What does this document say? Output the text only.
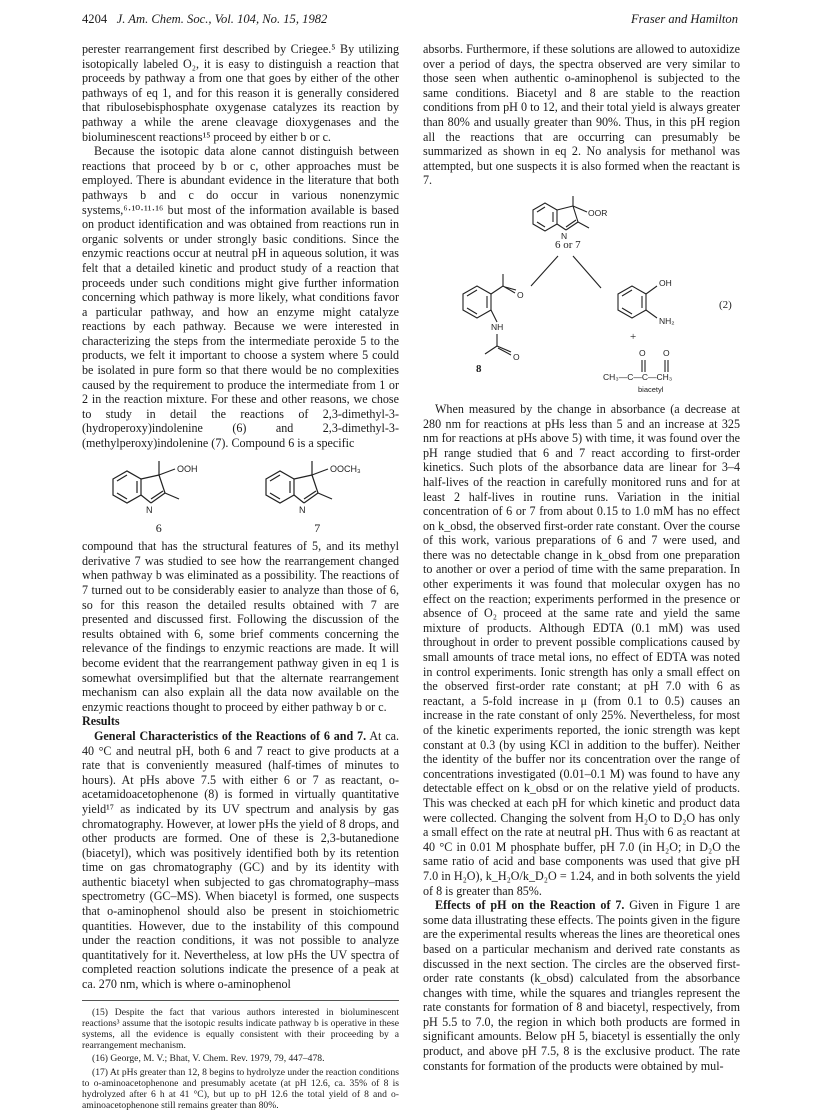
4204 J. Am. Chem. Soc., Vol. 104, No. 15, 1982	Fraser and Hamilton

perester rearrangement first described by Criegee.⁵ By utilizing isotopically labeled O₂, it is easy to distinguish a reaction that proceeds by pathway a from one that goes by either of the other pathways of eq 1, and for this reason it is generally considered that ribulosebisphosphate oxygenase catalyzes its reaction by pathway a while the arene cleavage dioxygenases and the bioluminescent reactions¹⁵ proceed by either b or c.

Because the isotopic data alone cannot distinguish between reactions that proceed by b or c, other approaches must be employed. There is abundant evidence in the literature that both pathways b and c do occur in various nonenzymic systems,⁶·¹⁰·¹¹·¹⁶ but most of the information available is based on product identification and was obtained from reactions run in organic solvents or under strongly basic conditions. Since the enzymic reactions occur at neutral pH in aqueous solution, it was felt that a detailed kinetic and product study of a reaction that proceeds under such conditions might give further information concerning which pathway is more likely, what conditions favor a particular pathway, and how an enzyme might catalyze reactions by each pathway. Because we were interested in characterizing the steps from the intermediate peroxide 5 to the products, we felt it important to choose a system where 5 could be isolated in pure form so that there would be no complexities caused by the requirement to produce the intermediate from 1 or 2 in the reaction mixture. For these and other reasons, we chose to study in detail the reactions of 2,3-dimethyl-3-(hydroperoxy)indolenine (6) and 2,3-dimethyl-3-(methylperoxy)indolenine (7). Compound 6 is a specific

N
OOH
6
N
OOCH₃
7

compound that has the structural features of 5, and its methyl derivative 7 was studied to see how the rearrangement changed when pathway b was eliminated as a possibility. The reactions of 7 turned out to be considerably easier to analyze than those of 6, so for this reason the detailed results obtained with 7 are presented and discussed first. Following the discussion of the results obtained with 6, some brief comments concerning the relevance of the findings to enzymic reactions are made. It will become evident that the rearrangement pathway given in eq 1 is somewhat oversimplified but that the alternate rearrangement mechanism can also explain all the data now available on the enzymic reactions thought to proceed by either pathway b or c.

Results

General Characteristics of the Reactions of 6 and 7. At ca. 40 °C and neutral pH, both 6 and 7 react to give products at a rate that is conveniently measured (half-times of minutes to hours). At pHs above 7.5 with either 6 or 7 as reactant, o-acetamidoacetophenone (8) is formed in virtually quantitative yield¹⁷ as indicated by its UV spectrum and analysis by gas chromatography. However, at lower pHs the yield of 8 drops, and other products are formed. One of these is 2,3-butanedione (biacetyl), which was positively identified both by its retention time on gas chromatography (GC) and by its identity with authentic biacetyl when subjected to gas chromatography–mass spectrometry (GC–MS). When biacetyl is formed, one suspects that o-aminophenol should also be present in stoichiometric quantities. However, due to the instability of this compound under the reaction conditions, it was not possible to analyze quantitatively for it. Nevertheless, at low pHs the UV spectra of completed reaction solutions indicate the presence of a peak at ca. 270 nm, which is where o-aminophenol

(15) Despite the fact that various authors interested in bioluminescent reactions³ assume that the isotopic results indicate pathway b is operative in these systems, all the evidence is equally consistent with their proceeding by a rearrangement mechanism.

(16) George, M. V.; Bhat, V. Chem. Rev. 1979, 79, 447–478.

(17) At pHs greater than 12, 8 begins to hydrolyze under the reaction conditions to o-aminoacetophenone and presumably acetate (at pH 12.6, ca. 35% of 8 is hydrolyzed after 6 h at 41 °C), but up to pH 12.6 the total yield of 8 and o-aminoacetophenone still remains greater than 80%.

absorbs. Furthermore, if these solutions are allowed to autoxidize over a period of days, the spectra observed are very similar to those seen when authentic o-aminophenol is subjected to the same conditions. Biacetyl and 8 are stable to the reaction conditions from pH 0 to 12, and their total yield is always greater than 80% and usually greater than 90%. Thus, in this pH region all the reactions that are occurring can presumably be summarized as shown in eq 2. No analysis for methanol was attempted, but one suspects it is also formed when the reactant is 7.

OOR
N
O
NH
O
OH
NH₂
O O
CH₃—C—C—CH₃
biacetyl
6 or 7
8
+
(2)

When measured by the change in absorbance (a decrease at 280 nm for reactions at pHs less than 5 and an increase at 325 nm for reactions at pHs above 5) with time, it was found over the pH range studied that 6 and 7 react according to first-order kinetics. Such plots of the absorbance data are linear for 3–4 half-lives of the reaction in carefully monitored runs and for at least 2 half-lives in routine runs. Variation in the initial concentration of 6 or 7 from about 0.15 to 1.0 mM has no effect on k_obsd, the observed first-order rate constant. Over the course of this work, various preparations of 6 and 7 were used, and there was no detectable change in k_obsd from one preparation to another or over a period of time with the same preparation. In other experiments it was found that molecular oxygen has no effect on the reaction; experiments performed in the presence or absence of O₂ proceed at the same rate and yield the same mixture of products. Although EDTA (0.1 mM) was used throughout in order to prevent possible complications caused by small amounts of trace metal ions, no effect of EDTA was noted in control experiments. Ionic strength has only a small effect on the observed first-order rate constant; at pH 7.0 with 6 as reactant, a 5-fold increase in μ (from 0.1 to 0.5) causes an increase in the rate constant of only 25%. Nevertheless, for most of the kinetic experiments reported, the ionic strength was kept constant at 0.3 (by using KCl in addition to the buffer). Neither the identity of the buffer nor its concentration over the range of concentrations investigated (0.01–0.1 M) was found to have any detectable effect on k_obsd or on the relative yield of products. This was checked at each pH for which kinetic and product data were collected. Changing the solvent from H₂O to D₂O has only a small effect on the rate at neutral pH. Thus with 6 as reactant at 40 °C in 0.01 M phosphate buffer, pH 7.0 (in H₂O; in D₂O the same ratio of acid and base components was used that give pH 7.0 in H₂O), k_H₂O/k_D₂O = 1.24, and in both solvents the yield of 8 is greater than 85%.

Effects of pH on the Reaction of 7. Given in Figure 1 are some data illustrating these effects. The points given in the figure are the experimental results whereas the lines are theoretical ones based on a particular mechanism and derived rate constants as discussed in the next section. The circles are the observed first-order rate constants (k_obsd) calculated from the absorbance changes with time, while the squares and triangles represent the rate constants for formation of 8 and biacetyl, respectively, from pH 5.5 to 7.0, the region in which both products are formed in significant amounts. Below pH 5, biacetyl is essentially the only product, and above pH 7.5, 8 is the exclusive product. The rate constants for formation of the products were obtained by mul-
